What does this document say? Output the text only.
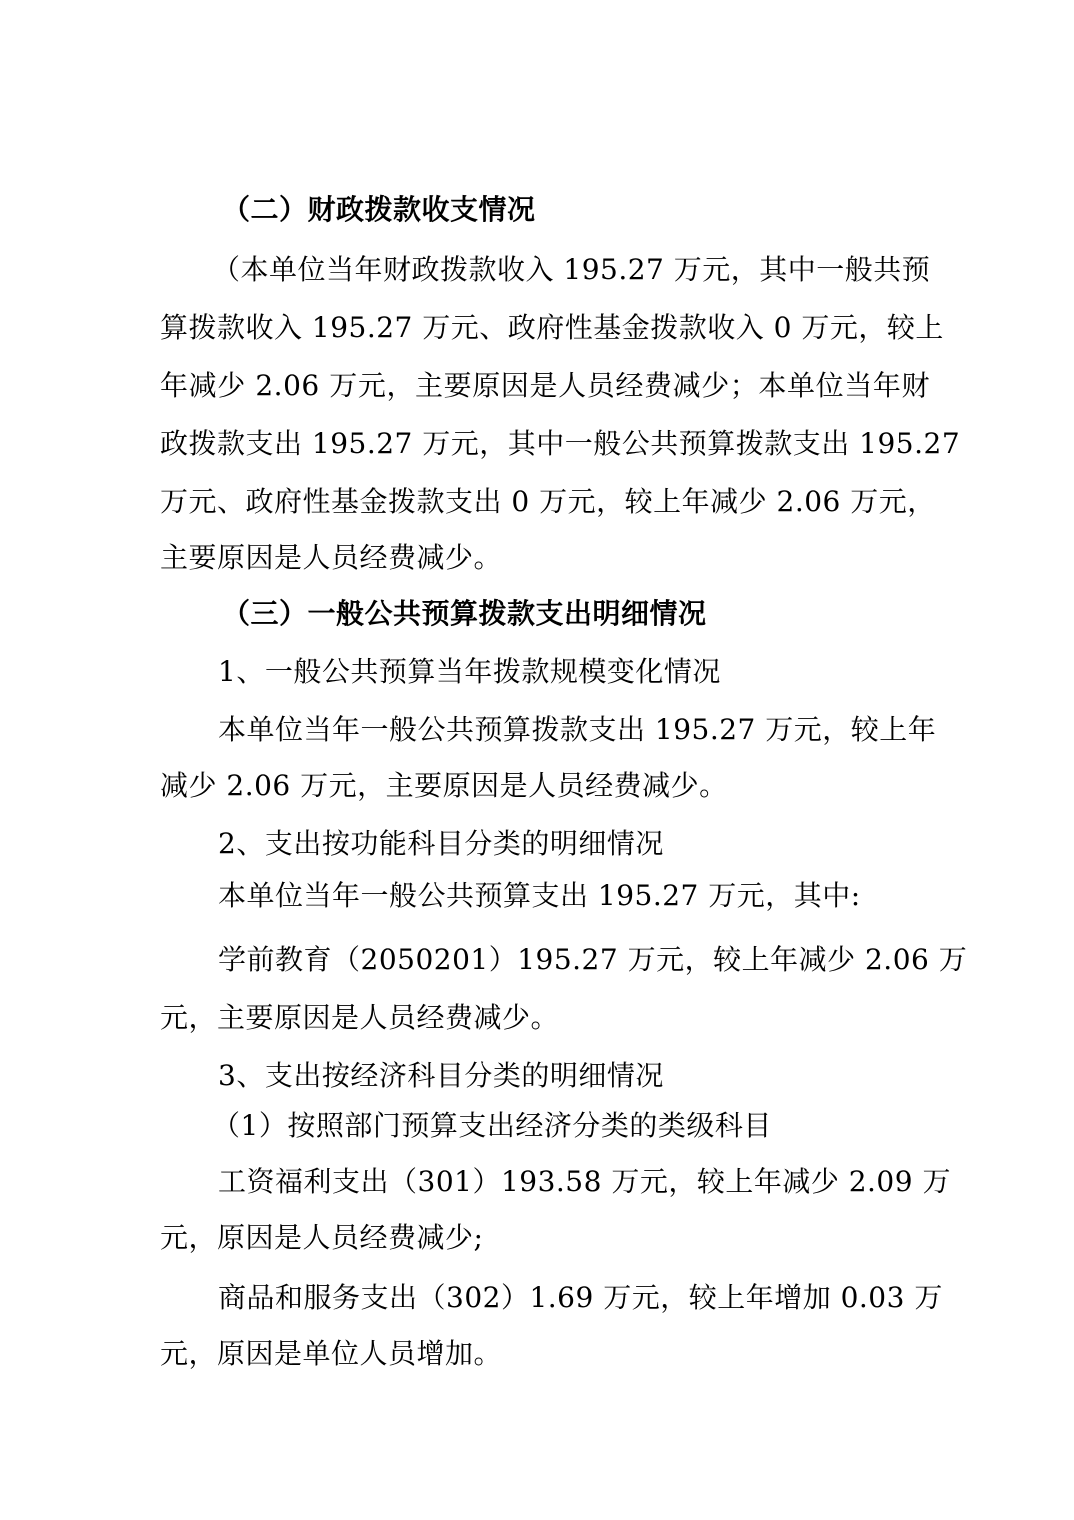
（二）财政拨款收支情况
（本单位当年财政拨款收入 195.27 万元，其中一般共预
算拨款收入 195.27 万元、政府性基金拨款收入 0 万元，较上
年减少 2.06 万元，主要原因是人员经费减少；本单位当年财
政拨款支出 195.27 万元，其中一般公共预算拨款支出 195.27
万元、政府性基金拨款支出 0 万元，较上年减少 2.06 万元，
主要原因是人员经费减少。
（三）一般公共预算拨款支出明细情况
1、一般公共预算当年拨款规模变化情况
本单位当年一般公共预算拨款支出 195.27 万元，较上年
减少 2.06 万元，主要原因是人员经费减少。
2、支出按功能科目分类的明细情况
本单位当年一般公共预算支出 195.27 万元，其中:
学前教育（2050201）195.27 万元，较上年减少 2.06 万
元，主要原因是人员经费减少。
3、支出按经济科目分类的明细情况
（1）按照部门预算支出经济分类的类级科目
工资福利支出（301）193.58 万元，较上年减少 2.09 万
元，原因是人员经费减少;
商品和服务支出（302）1.69 万元，较上年增加 0.03 万
元，原因是单位人员增加。
